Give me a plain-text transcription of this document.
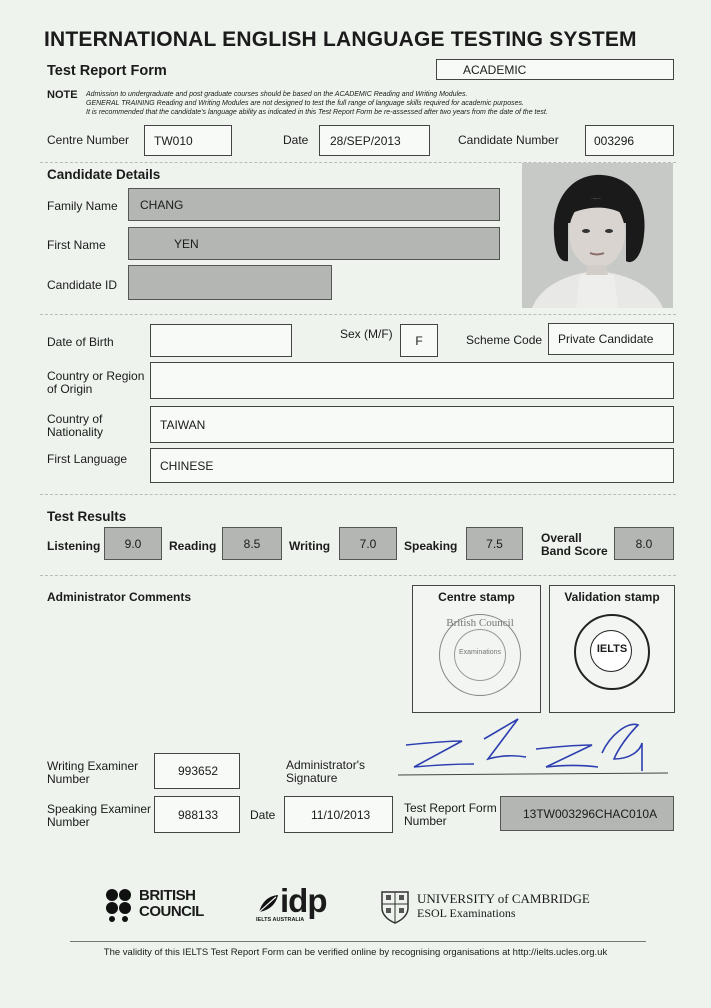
INTERNATIONAL ENGLISH LANGUAGE TESTING SYSTEM
Test Report Form	ACADEMIC
NOTE Admission to undergraduate and post graduate courses should be based on the ACADEMIC Reading and Writing Modules.
GENERAL TRAINING Reading and Writing Modules are not designed to test the full range of language skills required for academic purposes.
It is recommended that the candidate's language ability as indicated in this Test Report Form be re-assessed after two years from the date of the test.
Centre Number TW010	Date 28/SEP/2013	Candidate Number	003296
Candidate Details
Family Name CHANG
First Name	YEN
Candidate ID
Date of Birth
Sex (M/F) F	Scheme Code Private Candidate
Country or Region
of Origin
Country of
Nationality
TAIWAN
First Language	CHINESE
Test Results
Listening 9.0 Reading 8.5 Writing 7.0 Speaking 7.5	Overall
Band Score
8.0
Administrator Comments	Centre stamp
British Council
Examinations
Validation stamp
IELTS
Writing Examiner
Number
993652	Administrator's
Signature
Speaking Examiner
Number
988133	Date	11/10/2013	Test Report Form
Number
13TW003296CHAC010A
BRITISH
COUNCIL idp
IELTS AUSTRALIA
UNIVERSITY of CAMBRIDGE
ESOL Examinations
The validity of this IELTS Test Report Form can be verified online by recognising organisations at http://ielts.ucles.org.uk
